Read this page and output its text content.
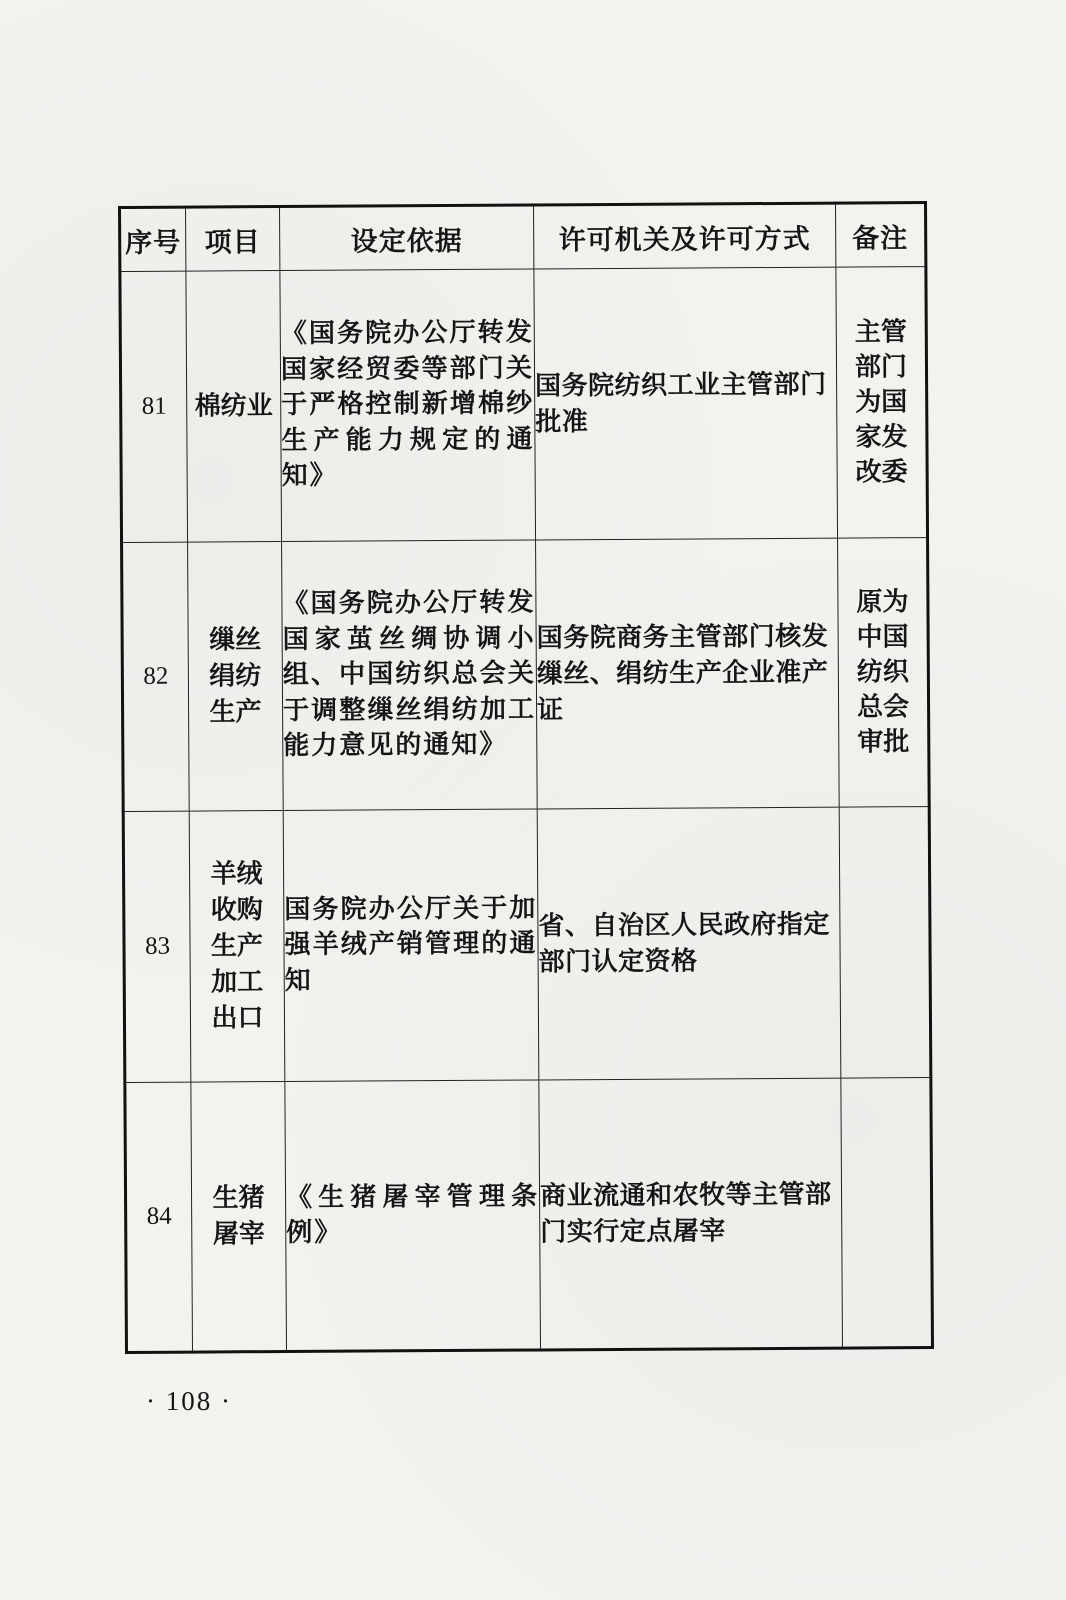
序号	项目	设定依据	许可机关及许可方式	备注
81	棉纺业	《国务院办公厅转发国家经贸委等部门关于严格控制新增棉纱生产能力规定的通知》	国务院纺织工业主管部门批准	主管部门为国家发改委
82	缫丝绢纺生产	《国务院办公厅转发国家茧丝绸协调小组、中国纺织总会关于调整缫丝绢纺加工能力意见的通知》	国务院商务主管部门核发缫丝、绢纺生产企业准产证	原为中国纺织总会审批
83	羊绒收购生产加工出口	国务院办公厅关于加强羊绒产销管理的通知	省、自治区人民政府指定部门认定资格	
84	生猪屠宰	《生猪屠宰管理条例》	商业流通和农牧等主管部门实行定点屠宰	
· 108 ·
